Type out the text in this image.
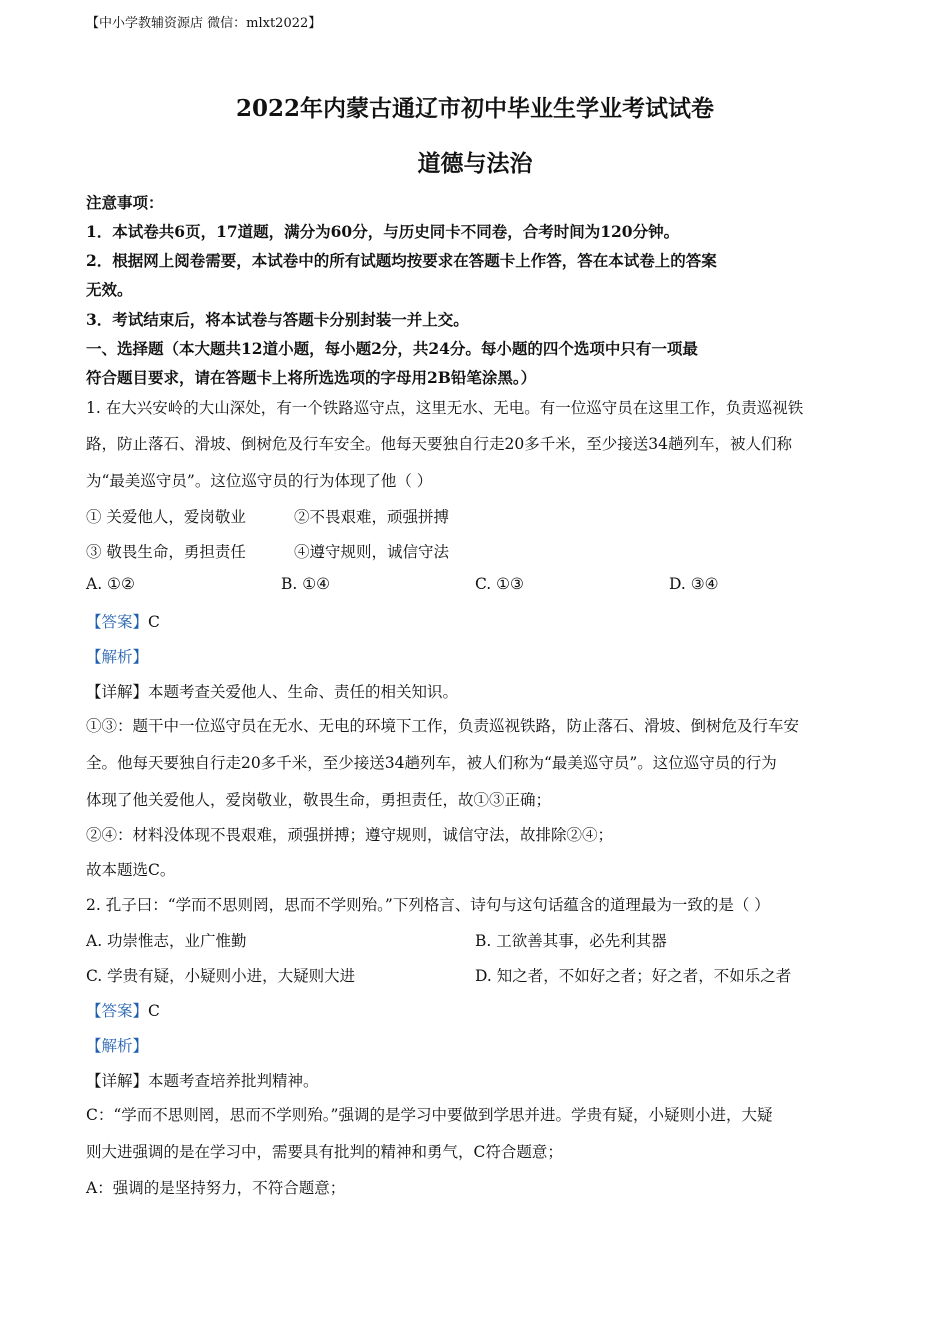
【中小学教辅资源店 微信：mlxt2022】
2022年内蒙古通辽市初中毕业生学业考试试卷
道德与法治
注意事项：
1．本试卷共6页，17道题，满分为60分，与历史同卡不同卷，合考时间为120分钟。
2．根据网上阅卷需要，本试卷中的所有试题均按要求在答题卡上作答，答在本试卷上的答案
无效。
3．考试结束后，将本试卷与答题卡分别封装一并上交。
一、选择题（本大题共12道小题，每小题2分，共24分。每小题的四个选项中只有一项最
符合题目要求，请在答题卡上将所选选项的字母用2B铅笔涂黑。）
1. 在大兴安岭的大山深处，有一个铁路巡守点，这里无水、无电。有一位巡守员在这里工作，负责巡视铁
路，防止落石、滑坡、倒树危及行车安全。他每天要独自行走20多千米，至少接送34趟列车，被人们称
为“最美巡守员”。这位巡守员的行为体现了他（ ）
① 关爱他人，爱岗敬业	②不畏艰难，顽强拼搏
③ 敬畏生命，勇担责任	④遵守规则，诚信守法
A. ①②	B. ①④	C. ①③	D. ③④
【答案】C
【解析】
【详解】本题考查关爱他人、生命、责任的相关知识。
①③：题干中一位巡守员在无水、无电的环境下工作，负责巡视铁路，防止落石、滑坡、倒树危及行车安
全。他每天要独自行走20多千米，至少接送34趟列车，被人们称为“最美巡守员”。这位巡守员的行为
体现了他关爱他人，爱岗敬业，敬畏生命，勇担责任，故①③正确；
②④：材料没体现不畏艰难，顽强拼搏；遵守规则，诚信守法，故排除②④；
故本题选C。
2. 孔子曰：“学而不思则罔，思而不学则殆。”下列格言、诗句与这句话蕴含的道理最为一致的是（ ）
A. 功崇惟志，业广惟勤	B. 工欲善其事，必先利其器
C. 学贵有疑，小疑则小进，大疑则大进	D. 知之者，不如好之者；好之者，不如乐之者
【答案】C
【解析】
【详解】本题考查培养批判精神。
C：“学而不思则罔，思而不学则殆。”强调的是学习中要做到学思并进。学贵有疑，小疑则小进，大疑
则大进强调的是在学习中，需要具有批判的精神和勇气，C符合题意；
A：强调的是坚持努力，不符合题意；
